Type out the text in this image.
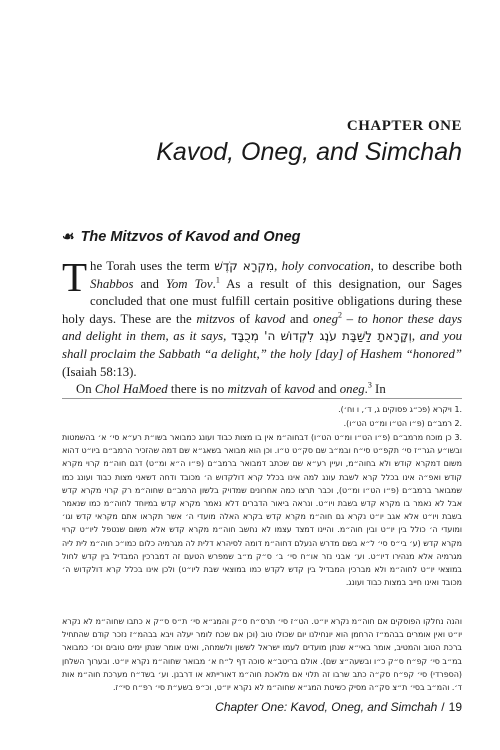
CHAPTER ONE
Kavod, Oneg, and Simchah
☙ The Mitzvos of Kavod and Oneg

The Torah uses the term מִקְרָא קֹדֶשׁ, holy convocation, to describe both Shabbos and Yom Tov.$^1$ As a result of this designation, our Sages concluded that one must fulfill certain positive obligations during these holy days. These are the mitzvos of kavod and oneg$^2$ – to honor these days and delight in them, as it says, וְקָרָאתָ לַשַּׁבָּת עֹנֶג לִקְדוֹשׁ ה' מְכֻבָּד, and you shall proclaim the Sabbath “a delight,” the holy [day] of Hashem “honored” (Isaiah 58:13).

On Chol HaMoed there is no mitzvah of kavod and oneg.$^3$ In

.1 ויקרא (פכ״ג פסוקים ג, ד׳, ו וח׳).

.2 רמב״ם (פ״ו הט״ו ומ״ט הט״ו).

.3 כן מוכח מרמב״ם (פ״ו הט״ו ומ״ט הט״ו) דבחוה״מ אין בו מצות כבוד ועונג כמבואר בשו״ת רע״א סי׳ א׳ בהשמטות ובשו״ע הגר״ז סי׳ תקפ״ט סי״ח ובמ״ב שם סק״ט ט״ו. וכן הוא מבואר בשאג״א שם דמה שהזכיר הרמב״ם ביו״ט דהוא משום דמקרא קודש ולא בחוה״מ, ועיין רע״א שם שכתב דמבואר ברמב״ם (פ״ו ה״א ומ״ט) דגם חוה״מ קרוי מקרא קודש ואפ״ה אינו בכלל קרא לשבת עונג למה אינו בכלל קרא דולקדוש ה׳ מכובד ודחה דשאני מצות כבוד ועונג כמו שמבואר ברמב״ם (פ״ו הט״ו ומ״ט), וכבר תרצו כמה אחרונים שמדויק בלשון הרמב״ם שחוה״מ רק קרוי מקרא קדש אבל לא נאמר בו מקרא קדש בשבת ויו״ט. ונראה ביאור הדברים דלא נאמר מקרא קדש במיוחד לחוה״מ כמו שנאמר בשבת ויו״ט אלא אגב יו״ט נקרא גם חוה״מ מקרא קדש בקרא האלה מועדי ה׳ אשר תקראו אתם מקראי קדש וגו׳ ומועדי ה׳ כולל בין יו״ט ובין חוה״מ. והיינו דמצד עצמו לא נחשב חוה״מ מקרא קדש אלא משום שנטפל ליו״ט קרוי מקרא קדש (ע׳ בי״ס סי׳ ל״א בשם מדרש הנעלם דחוה״מ דומה לסיהרא דלית לה מגרמיה כלום כמו״כ חוה״מ לית ליה מגרמיה אלא מנהירו דיו״ט. וע׳ אבני נזר או״ח סי׳ ב׳ ס״ק מ״ב שמפרש הטעם זה דמברכין המבדיל בין קדש לחול במוצאי יו״ט לחוה״מ ולא מברכין המבדיל בין קדש לקדש כמו במוצאי שבת ליו״ט) ולכן אינו בכלל קרא דולקדוש ה׳ מכובד ואינו חייב במצות כבוד ועונג.

והנה נחלקו הפוסקים אם חוה״מ נקרא יו״ט. הט״ז סי׳ תרס״ח ס״ק והמג״א סי׳ ת״ס ס״ק א כתבו שחוה״מ לא נקרא יו״ט ואין אומרים בבהמ״ז הרחמן הוא יונחילנו יום שכולו טוב (וכן אם שכח לומר יעלה ויבא בבהמ״ז נזכר קודם שהתחיל ברכת הטוב והמטיב, אומר באי״א שנתן מועדים לעמו ישראל לששון ולשמחה, ואינו אומר שנתן ימים טובים וכו׳ כמבואר במ״ב סי׳ קפ״ח ס״ק כ״ו ובשעה״צ שם). אולם בריטב״א סוכה דף ל״ח א׳ מבואר שחוה״מ נקרא יו״ט. ובערוך השלחן (הספרדי) סי׳ קפ״ח סק״ה כתב שרבו זה תלוי אם מלאכת חוה״מ דאורייתא או דרבנן. וע׳ בשד״ח מערכת חוה״מ אות ד׳. והמ״ב בסי׳ ת״צ סק״ה מסיק כשיטת המג״א שחוה״מ לא נקרא יו״ט, וכ״פ בשע״ת סי׳ רפ״ח סי״ז.

Chapter One: Kavod, Oneg, and Simchah / 19
